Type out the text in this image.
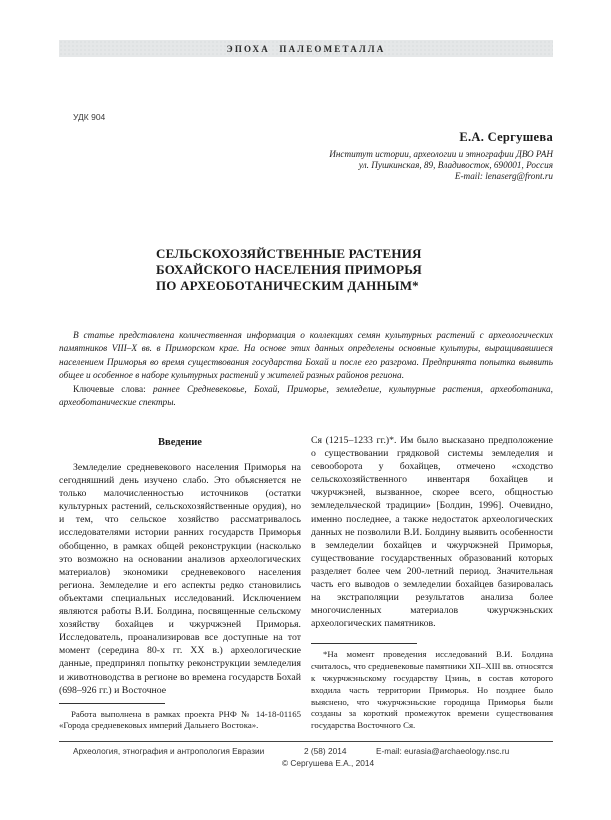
ЭПОХА ПАЛЕОМЕТАЛЛА
УДК 904
Е.А. Сергушева
Институт истории, археологии и этнографии ДВО РАН
ул. Пушкинская, 89, Владивосток, 690001, Россия
E-mail: lenaserg@front.ru
СЕЛЬСКОХОЗЯЙСТВЕННЫЕ РАСТЕНИЯ
БОХАЙСКОГО НАСЕЛЕНИЯ ПРИМОРЬЯ
ПО АРХЕОБОТАНИЧЕСКИМ ДАННЫМ*
В статье представлена количественная информация о коллекциях семян культурных растений с археологических памятников VIII–X вв. в Приморском крае. На основе этих данных определены основные культуры, выращивавшиеся населением Приморья во время существования государства Бохай и после его разгрома. Предпринята попытка выявить общее и особенное в наборе культурных растений у жителей разных районов региона.
Ключевые слова: раннее Средневековье, Бохай, Приморье, земледелие, культурные растения, археоботаника, археоботанические спектры.
Введение
Земледелие средневекового населения Приморья на сегодняшний день изучено слабо. Это объясняется не только малочисленностью источников (остатки культурных растений, сельскохозяйственные орудия), но и тем, что сельское хозяйство рассматривалось исследователями истории ранних государств Приморья обобщенно, в рамках общей реконструкции (насколько это возможно на основании анализов археологических материалов) экономики средневекового населения региона. Земледелие и его аспекты редко становились объектами специальных исследований. Исключением являются работы В.И. Болдина, посвященные сельскому хозяйству бохайцев и чжурчжэней Приморья. Исследователь, проанализировав все доступные на тот момент (середина 80-х гг. XX в.) археологические данные, предпринял попытку реконструкции земледелия и животноводства в регионе во времена государств Бохай (698–926 гг.) и Восточное
Работа выполнена в рамках проекта РНФ № 14-18-01165 «Города средневековых империй Дальнего Востока».
Ся (1215–1233 гг.)*. Им было высказано предположение о существовании грядковой системы земледелия и севооборота у бохайцев, отмечено «сходство сельскохозяйственного инвентаря бохайцев и чжурчжэней, вызванное, скорее всего, общностью земледельческой традиции» [Болдин, 1996]. Очевидно, именно последнее, а также недостаток археологических данных не позволили В.И. Болдину выявить особенности в земледелии бохайцев и чжурчжэней Приморья, существование государственных образований которых разделяет более чем 200-летний период. Значительная часть его выводов о земледелии бохайцев базировалась на экстраполяции результатов анализа более многочисленных материалов чжурчжэньских археологических памятников.
*На момент проведения исследований В.И. Болдина считалось, что средневековые памятники XII–XIII вв. относятся к чжурчжэньскому государству Цзинь, в состав которого входила часть территории Приморья. Но позднее было выяснено, что чжурчжэньские городища Приморья были созданы за короткий промежуток времени существования государства Восточного Ся.
Археология, этнография и антропология Евразии	2 (58) 2014	E-mail: eurasia@archaeology.nsc.ru
© Сергушева Е.А., 2014
